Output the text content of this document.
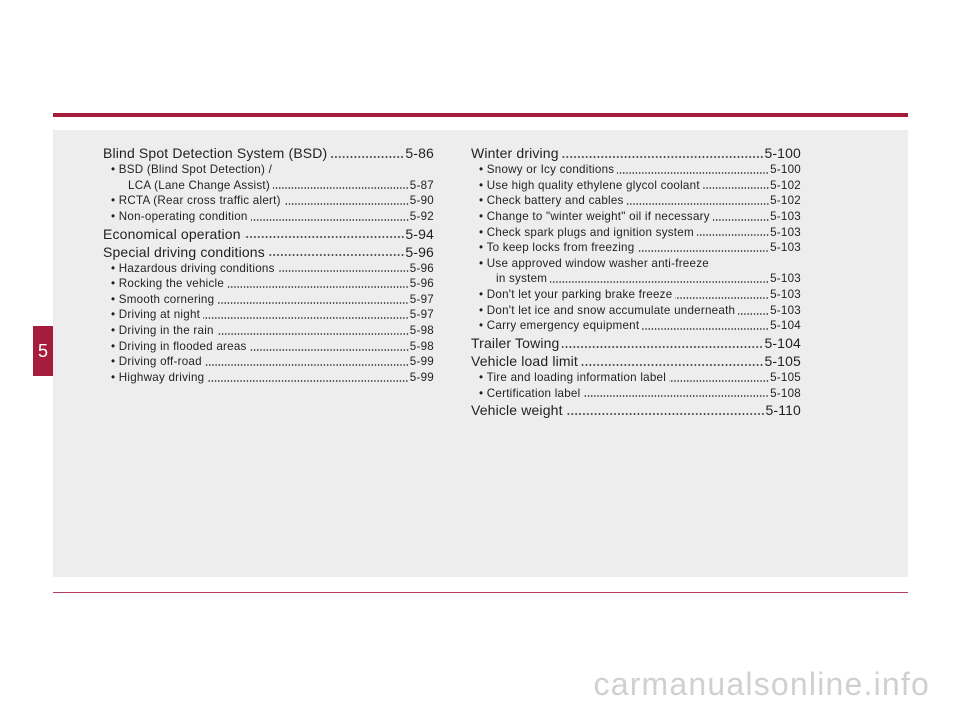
5
Blind Spot Detection System (BSD)	5-86
• BSD (Blind Spot Detection) /
LCA (Lane Change Assist)	5-87
• RCTA (Rear cross traffic alert)	5-90
• Non-operating condition	5-92
Economical operation	5-94
Special driving conditions	5-96
• Hazardous driving conditions	5-96
• Rocking the vehicle	5-96
• Smooth cornering	5-97
• Driving at night	5-97
• Driving in the rain	5-98
• Driving in flooded areas	5-98
• Driving off-road	5-99
• Highway driving	5-99
Winter driving	5-100
• Snowy or Icy conditions	5-100
• Use high quality ethylene glycol coolant	5-102
• Check battery and cables	5-102
• Change to "winter weight" oil if necessary	5-103
• Check spark plugs and ignition system	5-103
• To keep locks from freezing	5-103
• Use approved window washer anti-freeze
in system	5-103
• Don't let your parking brake freeze	5-103
• Don't let ice and snow accumulate underneath	5-103
• Carry emergency equipment	5-104
Trailer Towing	5-104
Vehicle load limit	5-105
• Tire and loading information label	5-105
• Certification label	5-108
Vehicle weight	5-110
carmanualsonline.info
